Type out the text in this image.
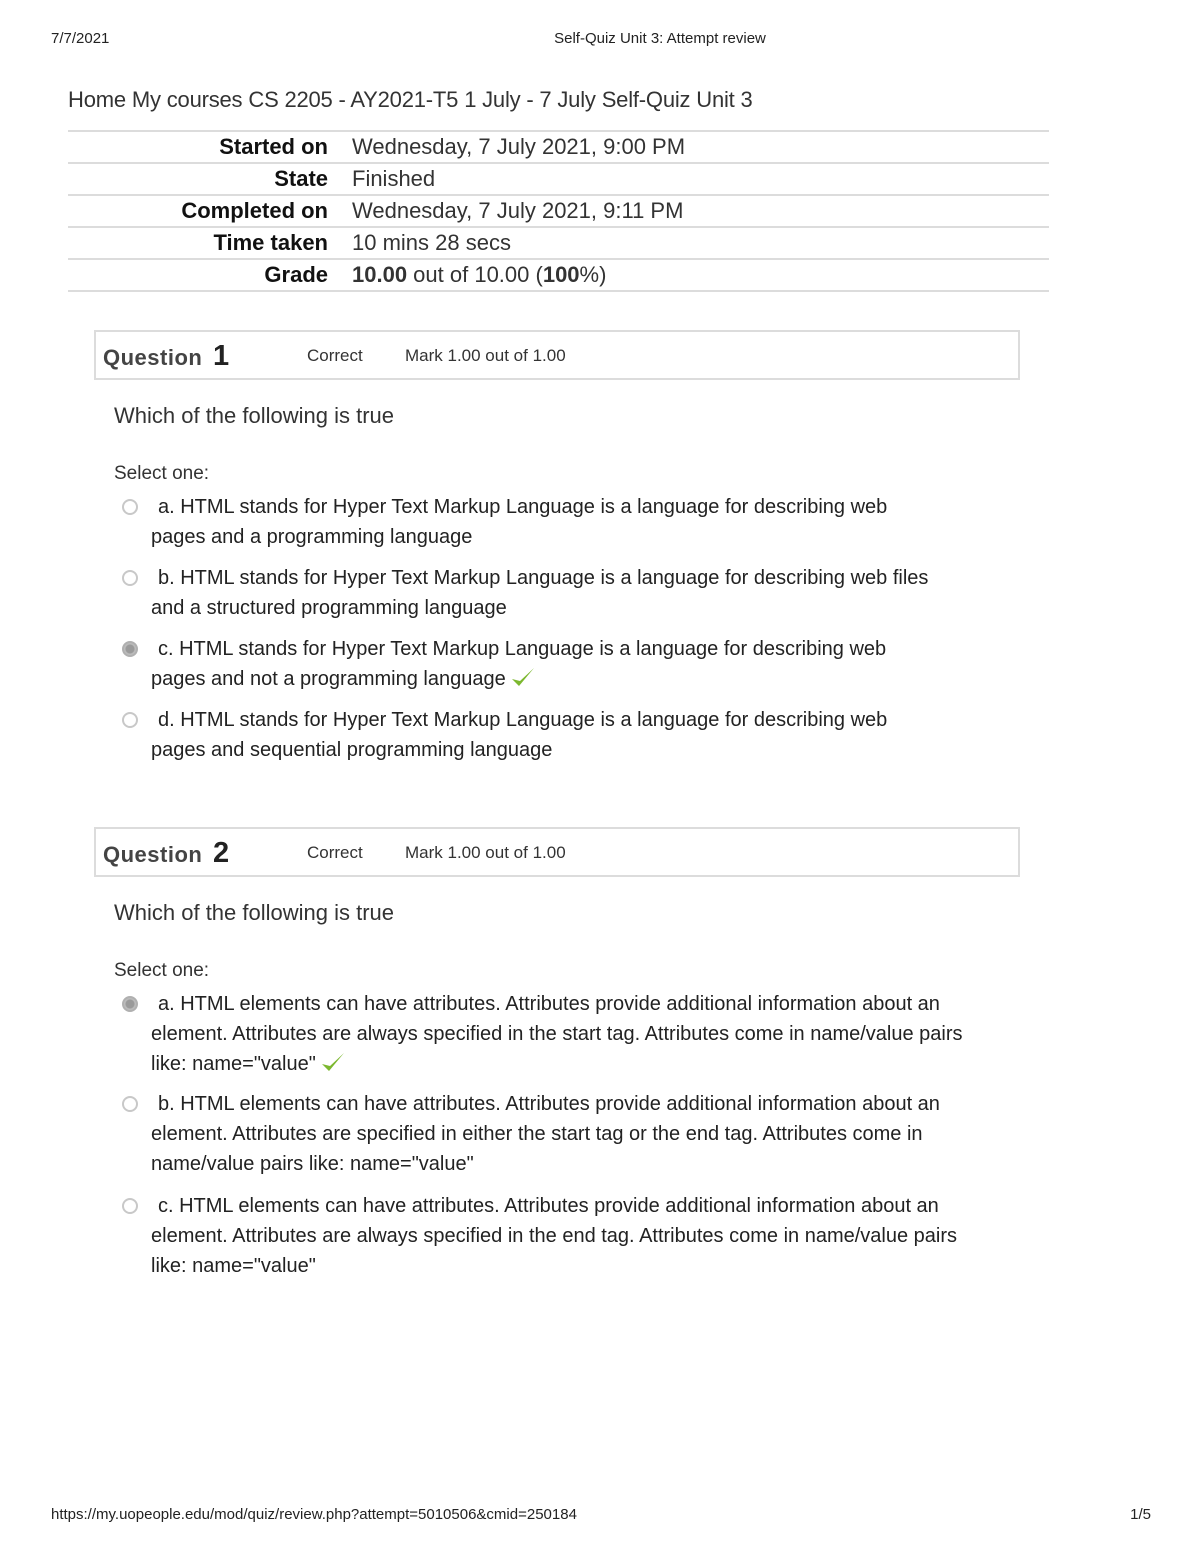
7/7/2021	Self-Quiz Unit 3: Attempt review
Home My courses CS 2205 - AY2021-T5 1 July - 7 July Self-Quiz Unit 3
Started on	Wednesday, 7 July 2021, 9:00 PM
State	Finished
Completed on	Wednesday, 7 July 2021, 9:11 PM
Time taken	10 mins 28 secs
Grade	10.00 out of 10.00 (100%)
Question 1	Correct Mark 1.00 out of 1.00
Which of the following is true
Select one:
a. HTML stands for Hyper Text Markup Language is a language for describing web
pages and a programming language
b. HTML stands for Hyper Text Markup Language is a language for describing web files
and a structured programming language
c. HTML stands for Hyper Text Markup Language is a language for describing web
pages and not a programming language
d. HTML stands for Hyper Text Markup Language is a language for describing web
pages and sequential programming language
Question 2	Correct Mark 1.00 out of 1.00
Which of the following is true
Select one:
a. HTML elements can have attributes. Attributes provide additional information about an
element. Attributes are always specified in the start tag. Attributes come in name/value pairs like: name="value"
b. HTML elements can have attributes. Attributes provide additional information about an
element. Attributes are specified in either the start tag or the end tag. Attributes come in name/value pairs like: name="value"
c. HTML elements can have attributes. Attributes provide additional information about an
element. Attributes are always specified in the end tag. Attributes come in name/value pairs like: name="value"
https://my.uopeople.edu/mod/quiz/review.php?attempt=5010506&cmid=250184	1/5
